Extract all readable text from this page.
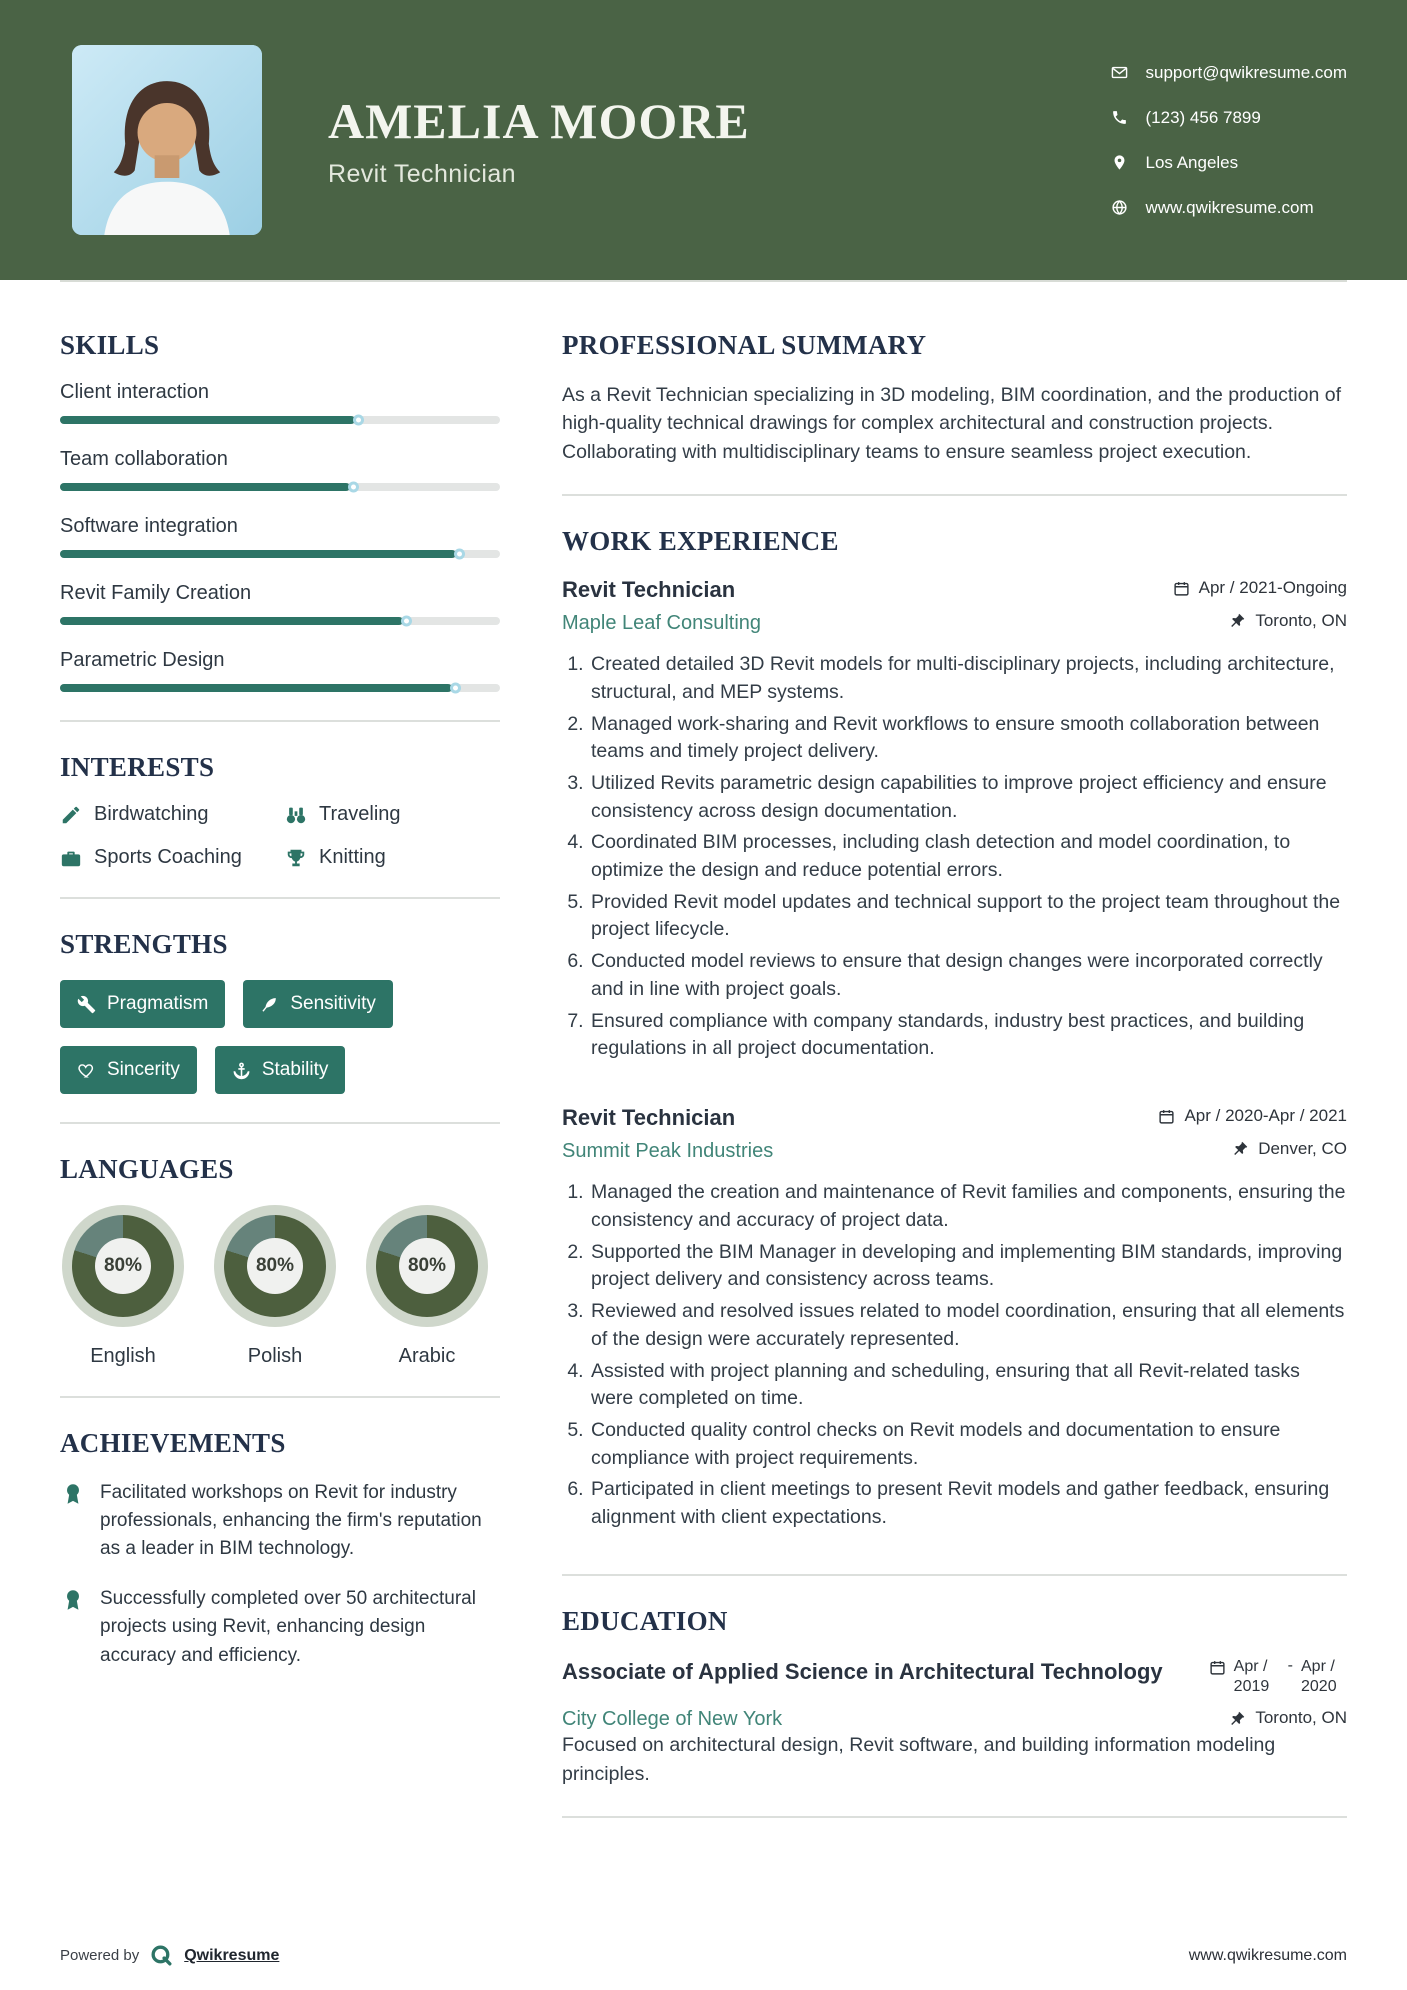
AMELIA MOORE
Revit Technician
support@qwikresume.com
(123) 456 7899
Los Angeles
www.qwikresume.com
SKILLS
Client interaction
Team collaboration
Software integration
Revit Family Creation
Parametric Design
INTERESTS
Birdwatching	Traveling
Sports Coaching	Knitting
STRENGTHS
Pragmatism	Sensitivity
Sincerity	Stability
LANGUAGES
80%
English
80%
Polish
80%
Arabic
ACHIEVEMENTS

Facilitated workshops on Revit for industry professionals, enhancing the firm's reputation as a leader in BIM technology.

Successfully completed over 50 architectural projects using Revit, enhancing design accuracy and efficiency.

PROFESSIONAL SUMMARY

As a Revit Technician specializing in 3D modeling, BIM coordination, and the production of high-quality technical drawings for complex architectural and construction projects. Collaborating with multidisciplinary teams to ensure seamless project execution.

WORK EXPERIENCE
Revit Technician	Apr / 2021-Ongoing
Maple Leaf Consulting	Toronto, ON
1. Created detailed 3D Revit models for multi-disciplinary projects, including architecture, structural, and MEP systems.
2. Managed work-sharing and Revit workflows to ensure smooth collaboration between teams and timely project delivery.
3. Utilized Revits parametric design capabilities to improve project efficiency and ensure consistency across design documentation.
4. Coordinated BIM processes, including clash detection and model coordination, to optimize the design and reduce potential errors.
5. Provided Revit model updates and technical support to the project team throughout the project lifecycle.
6. Conducted model reviews to ensure that design changes were incorporated correctly and in line with project goals.
7. Ensured compliance with company standards, industry best practices, and building regulations in all project documentation.
Revit Technician	Apr / 2020-Apr / 2021
Summit Peak Industries	Denver, CO
1. Managed the creation and maintenance of Revit families and components, ensuring the consistency and accuracy of project data.
2. Supported the BIM Manager in developing and implementing BIM standards, improving project delivery and consistency across teams.
3. Reviewed and resolved issues related to model coordination, ensuring that all elements of the design were accurately represented.
4. Assisted with project planning and scheduling, ensuring that all Revit-related tasks were completed on time.
5. Conducted quality control checks on Revit models and documentation to ensure compliance with project requirements.
6. Participated in client meetings to present Revit models and gather feedback, ensuring alignment with client expectations.
EDUCATION
Associate of Applied Science in Architectural Technology	Apr / 2019
- Apr / 2020
City College of New York	Toronto, ON

Focused on architectural design, Revit software, and building information modeling principles.

Powered by	Qwikresume	www.qwikresume.com
